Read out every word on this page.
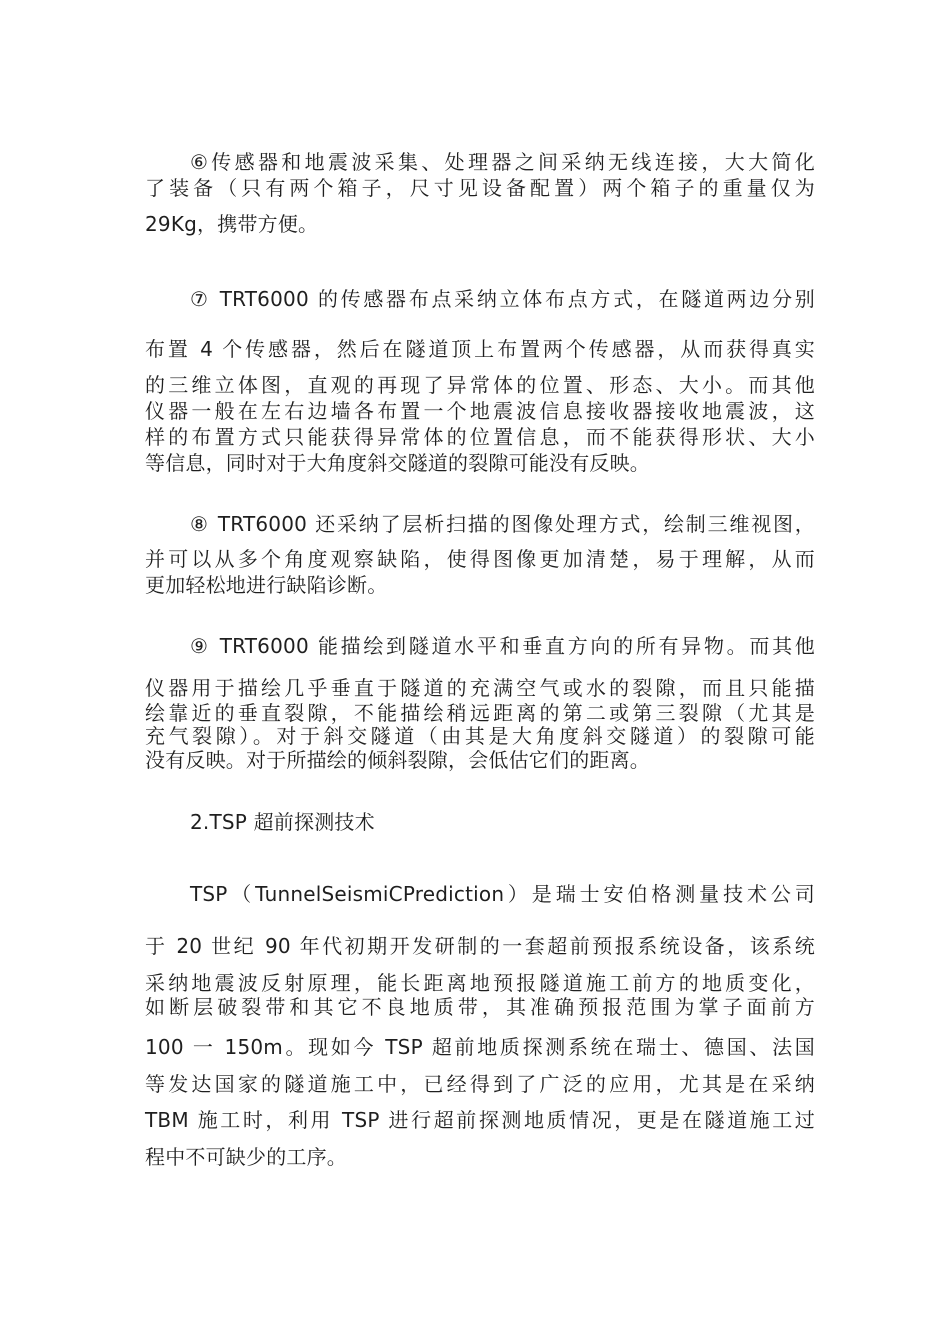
⑥传感器和地震波采集、处理器之间采纳无线连接，大大简化
了装备（只有两个箱子，尺寸见设备配置）两个箱子的重量仅为
29Kg，携带方便。
⑦ TRT6000 的传感器布点采纳立体布点方式，在隧道两边分别
布置 4 个传感器，然后在隧道顶上布置两个传感器，从而获得真实
的三维立体图，直观的再现了异常体的位置、形态、大小。而其他
仪器一般在左右边墙各布置一个地震波信息接收器接收地震波，这
样的布置方式只能获得异常体的位置信息，而不能获得形状、大小
等信息，同时对于大角度斜交隧道的裂隙可能没有反映。
⑧ TRT6000 还采纳了层析扫描的图像处理方式，绘制三维视图，
并可以从多个角度观察缺陷，使得图像更加清楚，易于理解，从而
更加轻松地进行缺陷诊断。
⑨ TRT6000 能描绘到隧道水平和垂直方向的所有异物。而其他
仪器用于描绘几乎垂直于隧道的充满空气或水的裂隙，而且只能描
绘靠近的垂直裂隙，不能描绘稍远距离的第二或第三裂隙（尤其是
充气裂隙）。对于斜交隧道（由其是大角度斜交隧道）的裂隙可能
没有反映。对于所描绘的倾斜裂隙，会低估它们的距离。
2.TSP 超前探测技术
TSP（TunnelSeismiCPrediction）是瑞士安伯格测量技术公司
于 20 世纪 90 年代初期开发研制的一套超前预报系统设备，该系统
采纳地震波反射原理，能长距离地预报隧道施工前方的地质变化，
如断层破裂带和其它不良地质带，其准确预报范围为掌子面前方
100 一 150m。现如今 TSP 超前地质探测系统在瑞士、德国、法国
等发达国家的隧道施工中，已经得到了广泛的应用，尤其是在采纳
TBM 施工时，利用 TSP 进行超前探测地质情况，更是在隧道施工过
程中不可缺少的工序。
